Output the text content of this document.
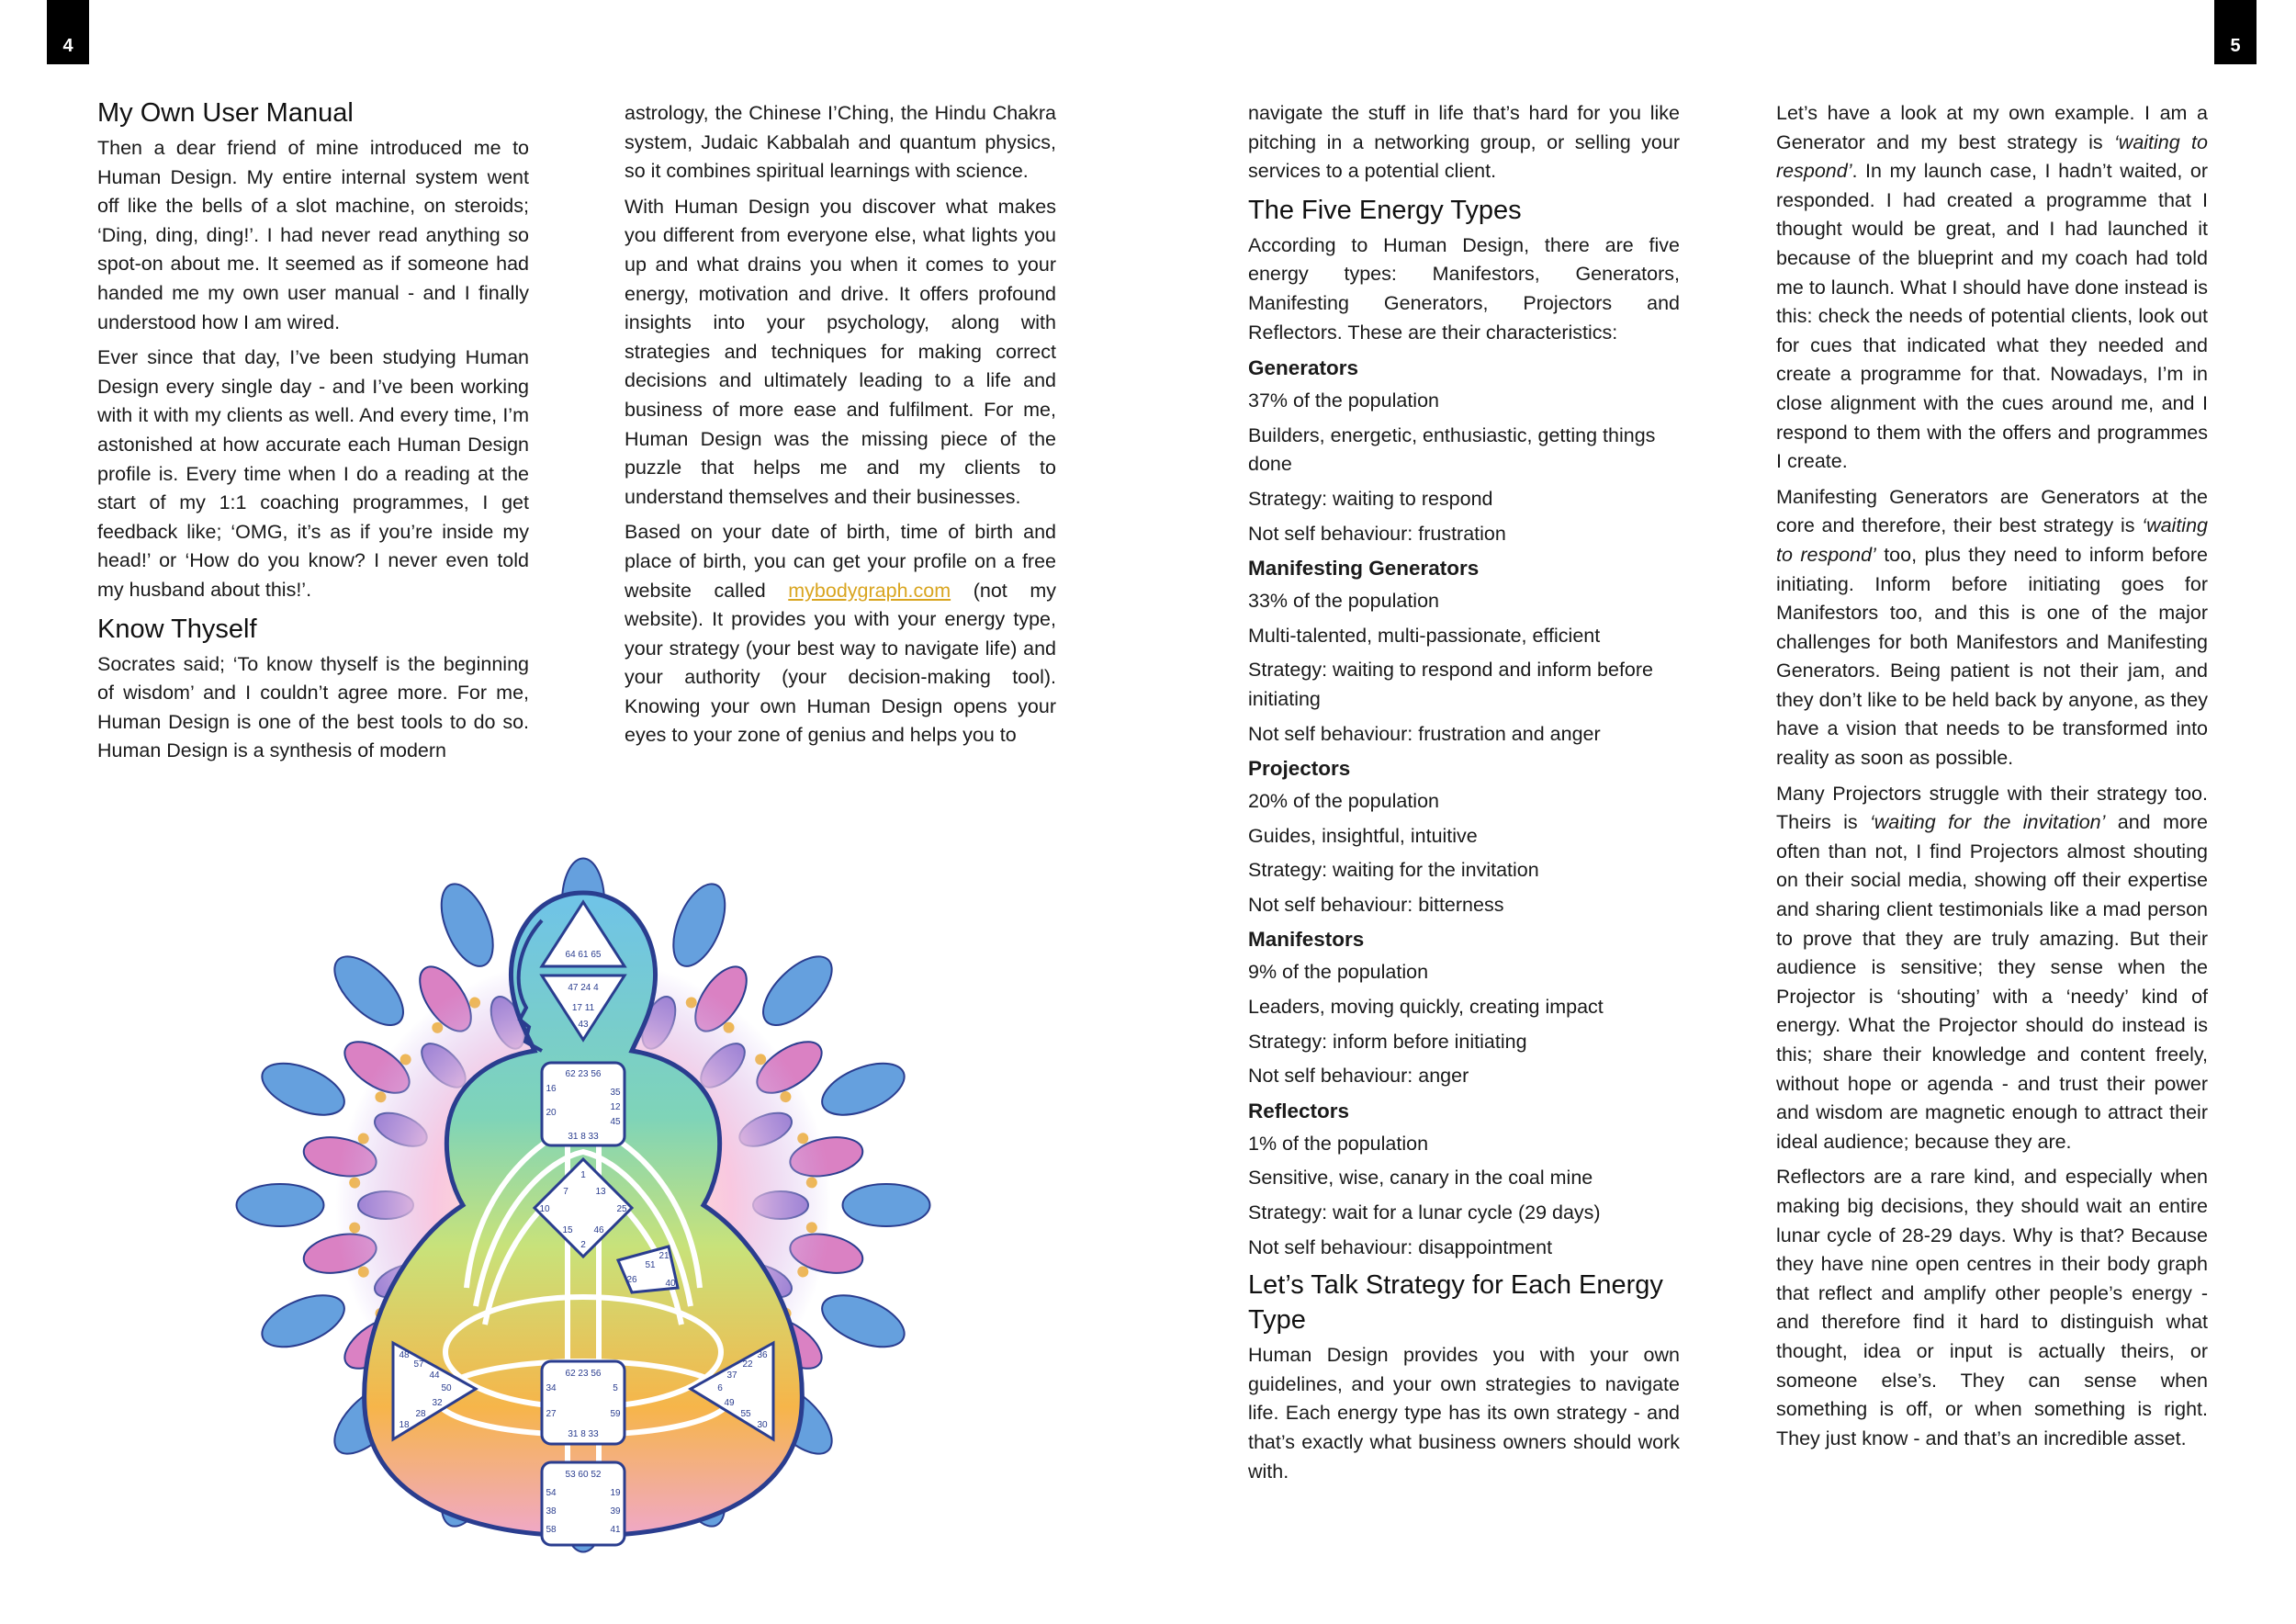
4	5
My Own User Manual

Then a dear friend of mine introduced me to Human Design. My entire internal system went off like the bells of a slot machine, on steroids; ‘Ding, ding, ding!’. I had never read anything so spot-on about me. It seemed as if someone had handed me my own user manual - and I finally understood how I am wired.

Ever since that day, I’ve been studying Human Design every single day - and I’ve been working with it with my clients as well. And every time, I’m astonished at how accurate each Human Design profile is. Every time when I do a reading at the start of my 1:1 coaching programmes, I get feedback like; ‘OMG, it’s as if you’re inside my head!’ or ‘How do you know? I never even told my husband about this!’.

Know Thyself

Socrates said; ‘To know thyself is the beginning of wisdom’ and I couldn’t agree more. For me, Human Design is one of the best tools to do so. Human Design is a synthesis of modern

astrology, the Chinese I’Ching, the Hindu Chakra system, Judaic Kabbalah and quantum physics, so it combines spiritual learnings with science.

With Human Design you discover what makes you different from everyone else, what lights you up and what drains you when it comes to your energy, motivation and drive. It offers profound insights into your psychology, along with strategies and techniques for making correct decisions and ultimately leading to a life and business of more ease and fulfilment. For me, Human Design was the missing piece of the puzzle that helps me and my clients to understand themselves and their businesses.

Based on your date of birth, time of birth and place of birth, you can get your profile on a free website called mybodygraph.com (not my website). It provides you with your energy type, your strategy (your best way to navigate life) and your authority (your decision-making tool). Knowing your own Human Design opens your eyes to your zone of genius and helps you to

navigate the stuff in life that’s hard for you like pitching in a networking group, or selling your services to a potential client.

The Five Energy Types

According to Human Design, there are five energy types: Manifestors, Generators, Manifesting Generators, Projectors and Reflectors. These are their characteristics:

Generators

37% of the population

Builders, energetic, enthusiastic, getting things done

Strategy: waiting to respond

Not self behaviour: frustration

Manifesting Generators

33% of the population

Multi-talented, multi-passionate, efficient

Strategy: waiting to respond and inform before initiating

Not self behaviour: frustration and anger

Projectors

20% of the population

Guides, insightful, intuitive

Strategy: waiting for the invitation

Not self behaviour: bitterness

Manifestors

9% of the population

Leaders, moving quickly, creating impact

Strategy: inform before initiating

Not self behaviour: anger

Reflectors

1% of the population

Sensitive, wise, canary in the coal mine

Strategy: wait for a lunar cycle (29 days)

Not self behaviour: disappointment

Let’s Talk Strategy for Each Energy Type

Human Design provides you with your own guidelines, and your own strategies to navigate life. Each energy type has its own strategy - and that’s exactly what business owners should work with.

Let’s have a look at my own example. I am a Generator and my best strategy is ‘waiting to respond’. In my launch case, I hadn’t waited, or responded. I had created a programme that I thought would be great, and I had launched it because of the blueprint and my coach had told me to launch. What I should have done instead is this: check the needs of potential clients, look out for cues that indicated what they needed and create a programme for that. Nowadays, I’m in close alignment with the cues around me, and I respond to them with the offers and programmes I create.

Manifesting Generators are Generators at the core and therefore, their best strategy is ‘waiting to respond’ too, plus they need to inform before initiating. Inform before initiating goes for Manifestors too, and this is one of the major challenges for both Manifestors and Manifesting Generators. Being patient is not their jam, and they don’t like to be held back by anyone, as they have a vision that needs to be transformed into reality as soon as possible.

Many Projectors struggle with their strategy too. Theirs is ‘waiting for the invitation’ and more often than not, I find Projectors almost shouting on their social media, showing off their expertise and sharing client testimonials like a mad person to prove that they are truly amazing. But their audience is sensitive; they sense when the Projector is ‘shouting’ with a ‘needy’ kind of energy. What the Projector should do instead is this; share their knowledge and content freely, without hope or agenda - and trust their power and wisdom are magnetic enough to attract their ideal audience; because they are.

Reflectors are a rare kind, and especially when making big decisions, they should wait an entire lunar cycle of 28-29 days. Why is that? Because they have nine open centres in their body graph that reflect and amplify other people’s energy - and therefore find it hard to distinguish what thought, idea or input is actually theirs, or someone else’s. They can sense when something is off, or when something is right. They just know - and that’s an incredible asset.

64 61 65
47 24 4
17 11
43
62 23 56
16	35
12
20
45
31 8 33
1
7	13
10	25
15 46
2
21
51
26	40
62 23 56
34	5
27	59
31 8 33
48
57
44
50
32
28
18
36
22
37
6
49
55
30
53 60 52
54
38
58
19
39
41
